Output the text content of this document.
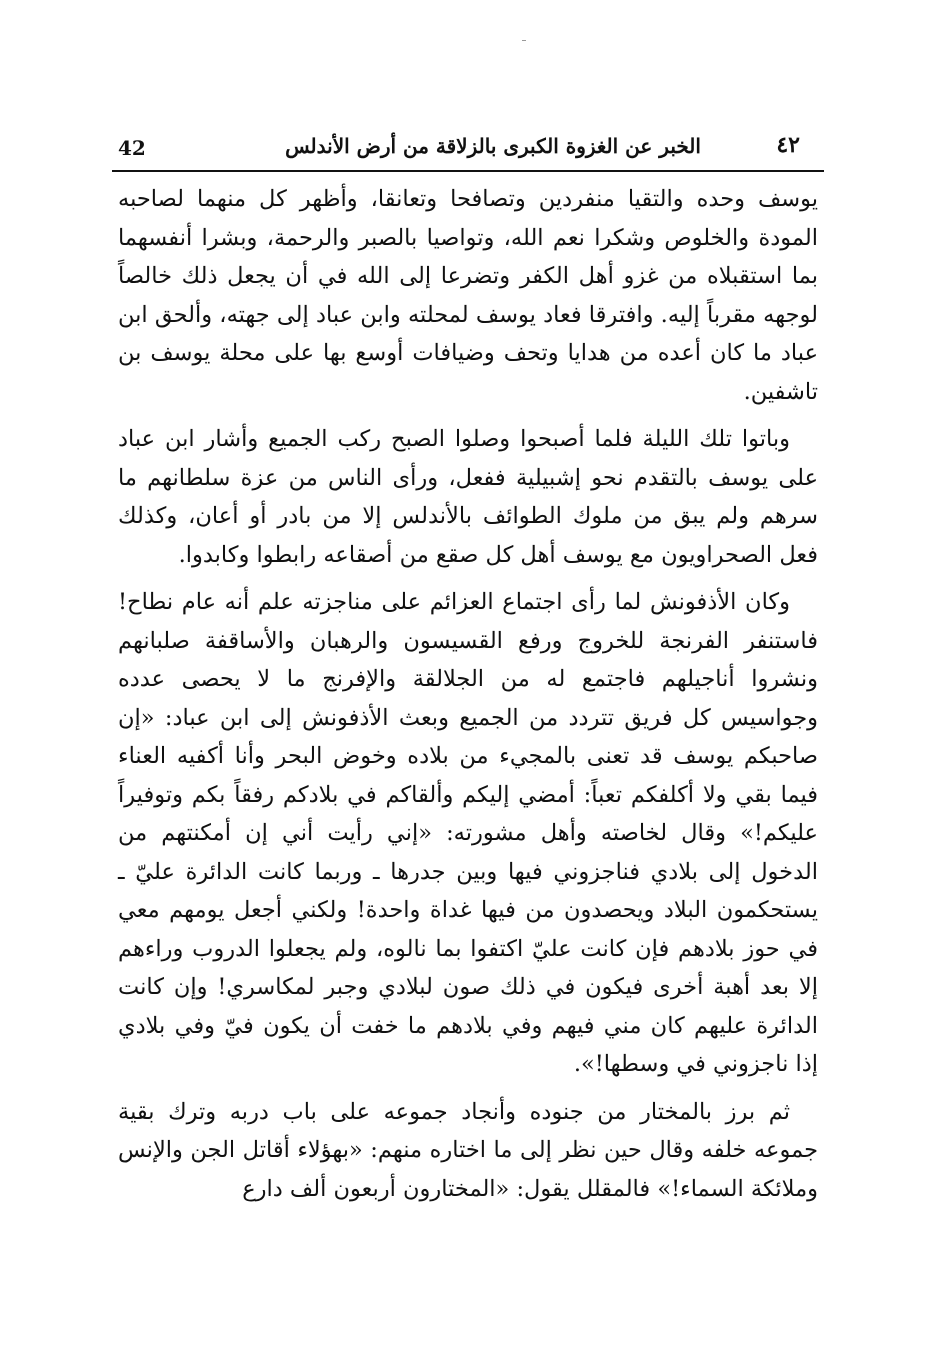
42	الخبر عن الغزوة الكبرى بالزلاقة من أرض الأندلس	٤٢

يوسف وحده والتقيا منفردين وتصافحا وتعانقا، وأظهر كل منهما لصاحبه المودة والخلوص وشكرا نعم الله، وتواصيا بالصبر والرحمة، وبشرا أنفسهما بما استقبلاه من غزو أهل الكفر وتضرعا إلى الله في أن يجعل ذلك خالصاً لوجهه مقرباً إليه. وافترقا فعاد يوسف لمحلته وابن عباد إلى جهته، وألحق ابن عباد ما كان أعده من هدايا وتحف وضيافات أوسع بها على محلة يوسف بن تاشفين.

وباتوا تلك الليلة فلما أصبحوا وصلوا الصبح ركب الجميع وأشار ابن عباد على يوسف بالتقدم نحو إشبيلية ففعل، ورأى الناس من عزة سلطانهم ما سرهم ولم يبق من ملوك الطوائف بالأندلس إلا من بادر أو أعان، وكذلك فعل الصحراويون مع يوسف أهل كل صقع من أصقاعه رابطوا وكابدوا.

وكان الأذفونش لما رأى اجتماع العزائم على مناجزته علم أنه عام نطاح! فاستنفر الفرنجة للخروج ورفع القسيسون والرهبان والأساقفة صلبانهم ونشروا أناجيلهم فاجتمع له من الجلالقة والإفرنج ما لا يحصى عدده وجواسيس كل فريق تتردد من الجميع وبعث الأذفونش إلى ابن عباد: «إن صاحبكم يوسف قد تعنى بالمجيء من بلاده وخوض البحر وأنا أكفيه العناء فيما بقي ولا أكلفكم تعباً: أمضي إليكم وألقاكم في بلادكم رفقاً بكم وتوفيراً عليكم!» وقال لخاصته وأهل مشورته: «إني رأيت أني إن أمكنتهم من الدخول إلى بلادي فناجزوني فيها وبين جدرها ـ وربما كانت الدائرة عليّ ـ يستحكمون البلاد ويحصدون من فيها غداة واحدة! ولكني أجعل يومهم معي في حوز بلادهم فإن كانت عليّ اكتفوا بما نالوه، ولم يجعلوا الدروب وراءهم إلا بعد أهبة أخرى فيكون في ذلك صون لبلادي وجبر لمكاسري! وإن كانت الدائرة عليهم كان مني فيهم وفي بلادهم ما خفت أن يكون فيّ وفي بلادي إذا ناجزوني في وسطها!».

ثم برز بالمختار من جنوده وأنجاد جموعه على باب دربه وترك بقية جموعه خلفه وقال حين نظر إلى ما اختاره منهم: «بهؤلاء أقاتل الجن والإنس وملائكة السماء!» فالمقلل يقول: «المختارون أربعون ألف دارع
